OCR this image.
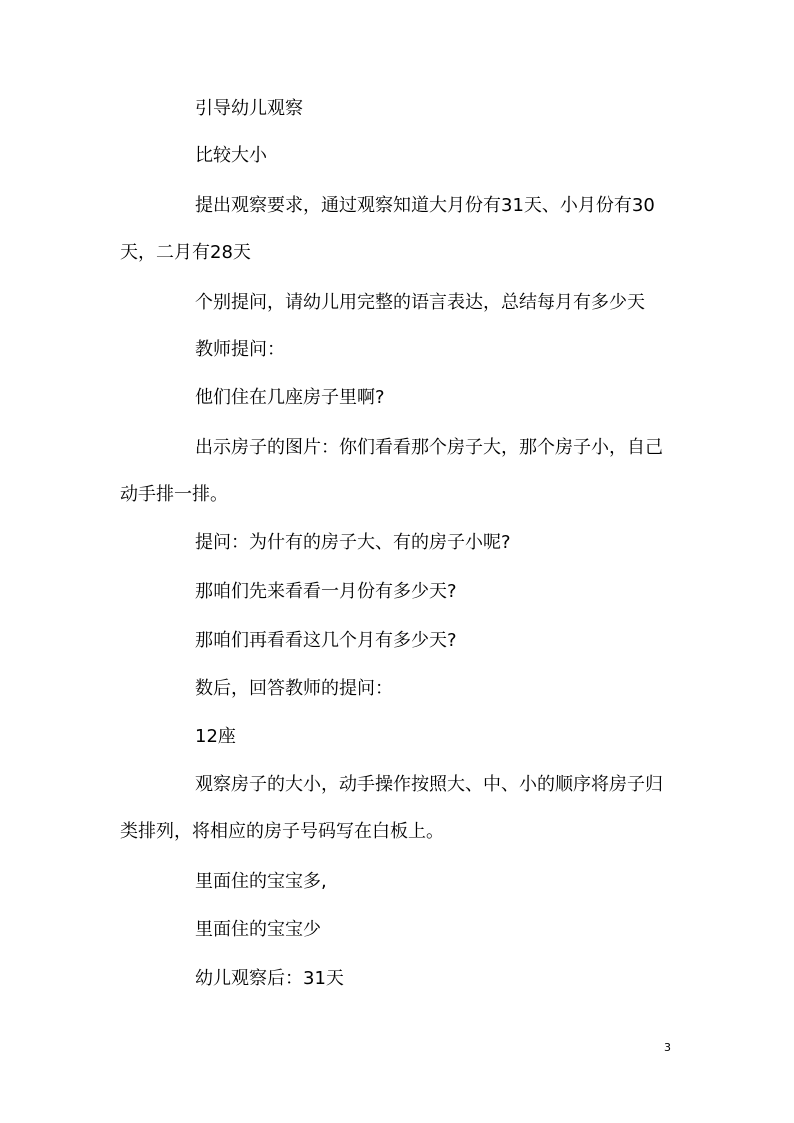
引导幼儿观察

比较大小

提出观察要求，通过观察知道大月份有31天、小月份有30天，二月有28天

个别提问，请幼儿用完整的语言表达，总结每月有多少天

教师提问：

他们住在几座房子里啊?

出示房子的图片：你们看看那个房子大，那个房子小，自己动手排一排。

提问：为什有的房子大、有的房子小呢?

那咱们先来看看一月份有多少天?

那咱们再看看这几个月有多少天?

数后，回答教师的提问：

12座

观察房子的大小，动手操作按照大、中、小的顺序将房子归类排列，将相应的房子号码写在白板上。

里面住的宝宝多,

里面住的宝宝少

幼儿观察后：31天

3
